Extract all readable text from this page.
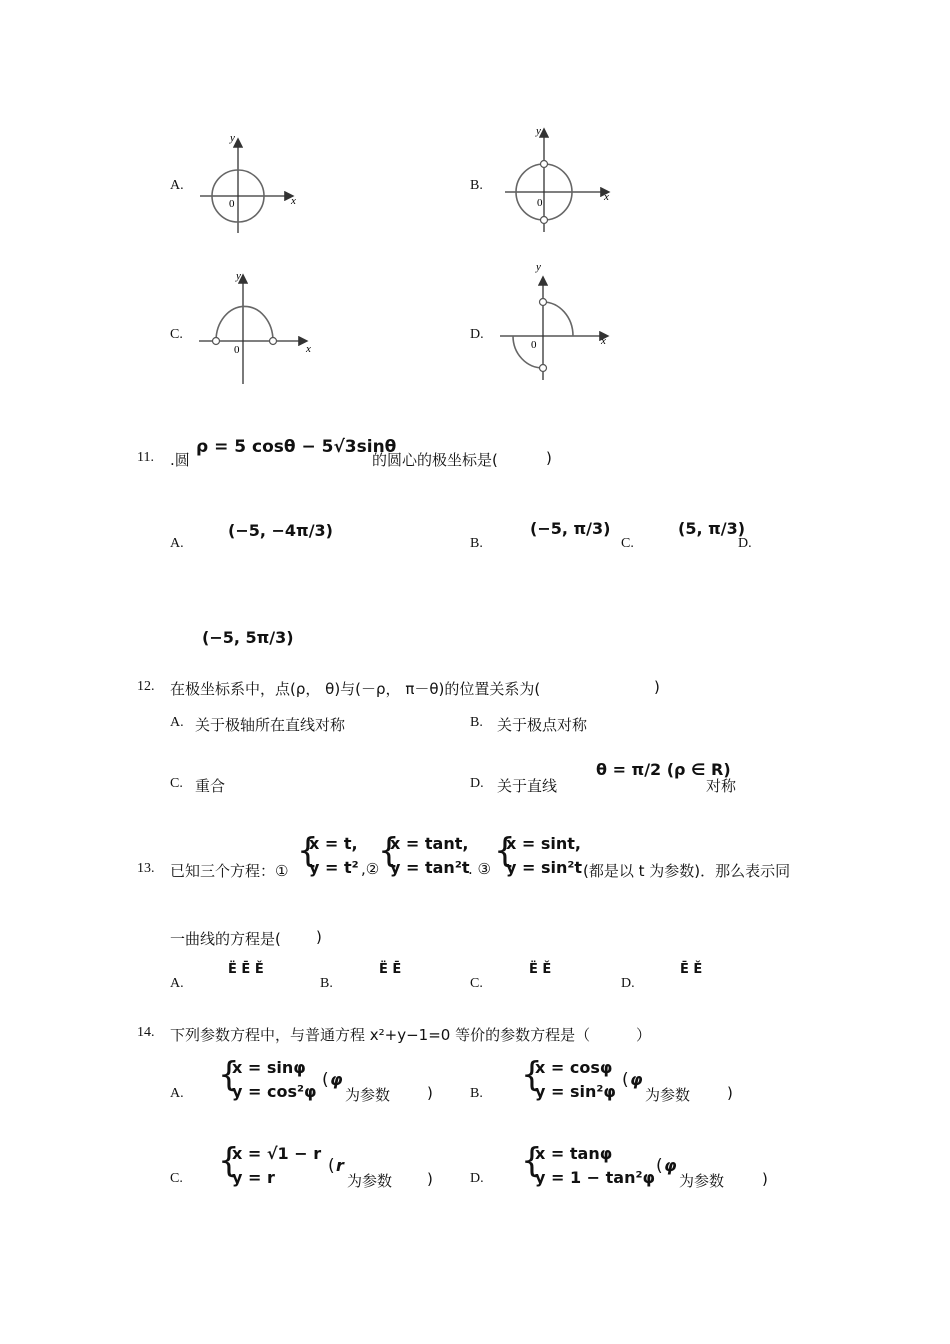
A.
y
x
0
B.
y
x
0
C.
y
x
0
D.
y
x
0
11. .圆
ρ = 5 cosθ − 5√3sinθ
的圆心的极坐标是(	)
A.
(−5, −4π/3)
B.
(−5, π/3)
C.
(5, π/3)
D.
(−5, 5π/3)
12. 在极坐标系中，点(ρ， θ)与(－ρ， π－θ)的位置关系为(	)
A. 关于极轴所在直线对称	B. 关于极点对称
C. 重合	D. 关于直线
θ = π/2 (ρ ∈ R)
对称
13. 已知三个方程：① {
x = t,
y = t² ,②
{
x = tant,
y = tan²t
. ③ {
x = sint,
y = sin²t (都是以 t 为参数)．那么表示同
一曲线的方程是( )
A.
Ë Ē Ě
B.
Ë Ē
C.
Ë Ě
D.
Ē Ě
14. 下列参数方程中，与普通方程 x²+y−1=0 等价的参数方程是（	）
A. {
x = sinφ
y = cos²φ
( φ
为参数 )	B. {
x = cosφ
y = sin²φ
( φ
为参数 )
C. {
x = √1 − r
y = r
( r
为参数 )	D. {
x = tanφ
y = 1 − tan²φ
( φ
为参数	)
